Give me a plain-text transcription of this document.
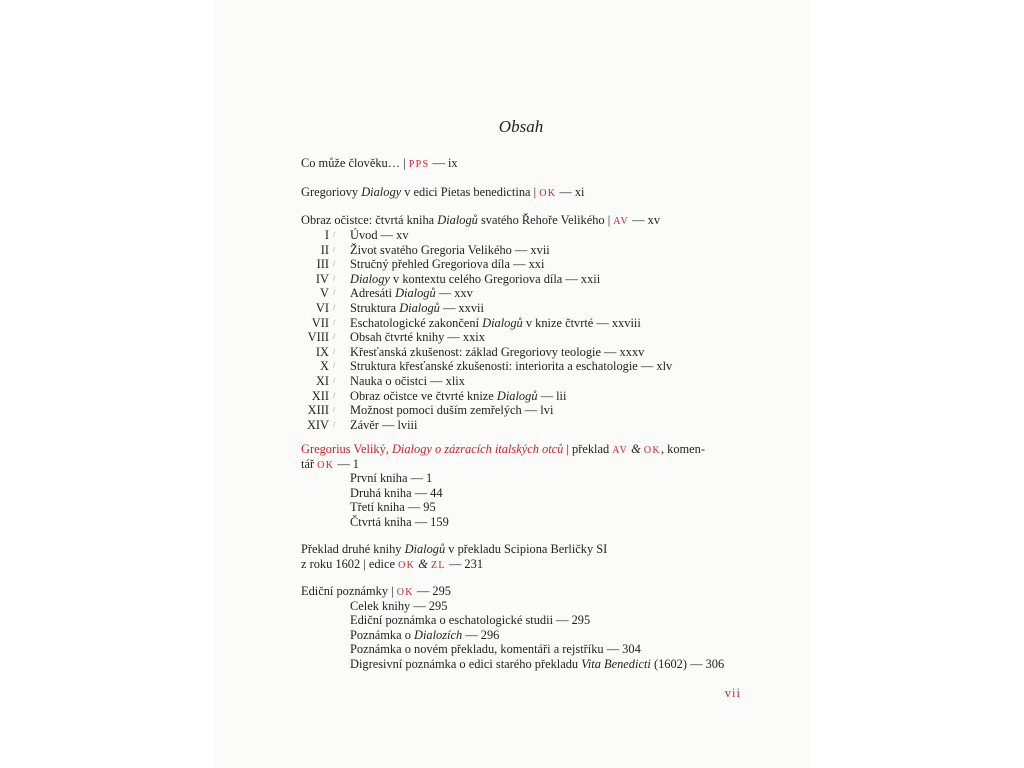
Obsah
Co může člověku… | PPS — ix
Gregoriovy Dialogy v edici Pietas benedictina | OK — xi
Obraz očistce: čtvrtá kniha Dialogů svatého Řehoře Velikého | AV — xv
I / Úvod — xv
II / Život svatého Gregoria Velikého — xvii
III / Stručný přehled Gregoriova díla — xxi
IV / Dialogy v kontextu celého Gregoriova díla — xxii
V / Adresáti Dialogů — xxv
VI / Struktura Dialogů — xxvii
VII / Eschatologické zakončení Dialogů v knize čtvrté — xxviii
VIII / Obsah čtvrté knihy — xxix
IX / Křesťanská zkušenost: základ Gregoriovy teologie — xxxv
X / Struktura křesťanské zkušenosti: interiorita a eschatologie — xlv
XI / Nauka o očistci — xlix
XII / Obraz očistce ve čtvrté knize Dialogů — lii
XIII / Možnost pomoci duším zemřelých — lvi
XIV / Závěr — lviii
Gregorius Veliký, Dialogy o zázracích italských otců | překlad AV & OK, komen-
tář OK — 1
První kniha — 1
Druhá kniha — 44
Třetí kniha — 95
Čtvrtá kniha — 159
Překlad druhé knihy Dialogů v překladu Scipiona Berličky SI
z roku 1602 | edice OK & ZL — 231
Ediční poznámky | OK — 295
Celek knihy — 295
Ediční poznámka o eschatologické studii — 295
Poznámka o Dialozích — 296
Poznámka o novém překladu, komentáři a rejstříku — 304
Digresivní poznámka o edici starého překladu Vita Benedicti (1602) — 306
vii
